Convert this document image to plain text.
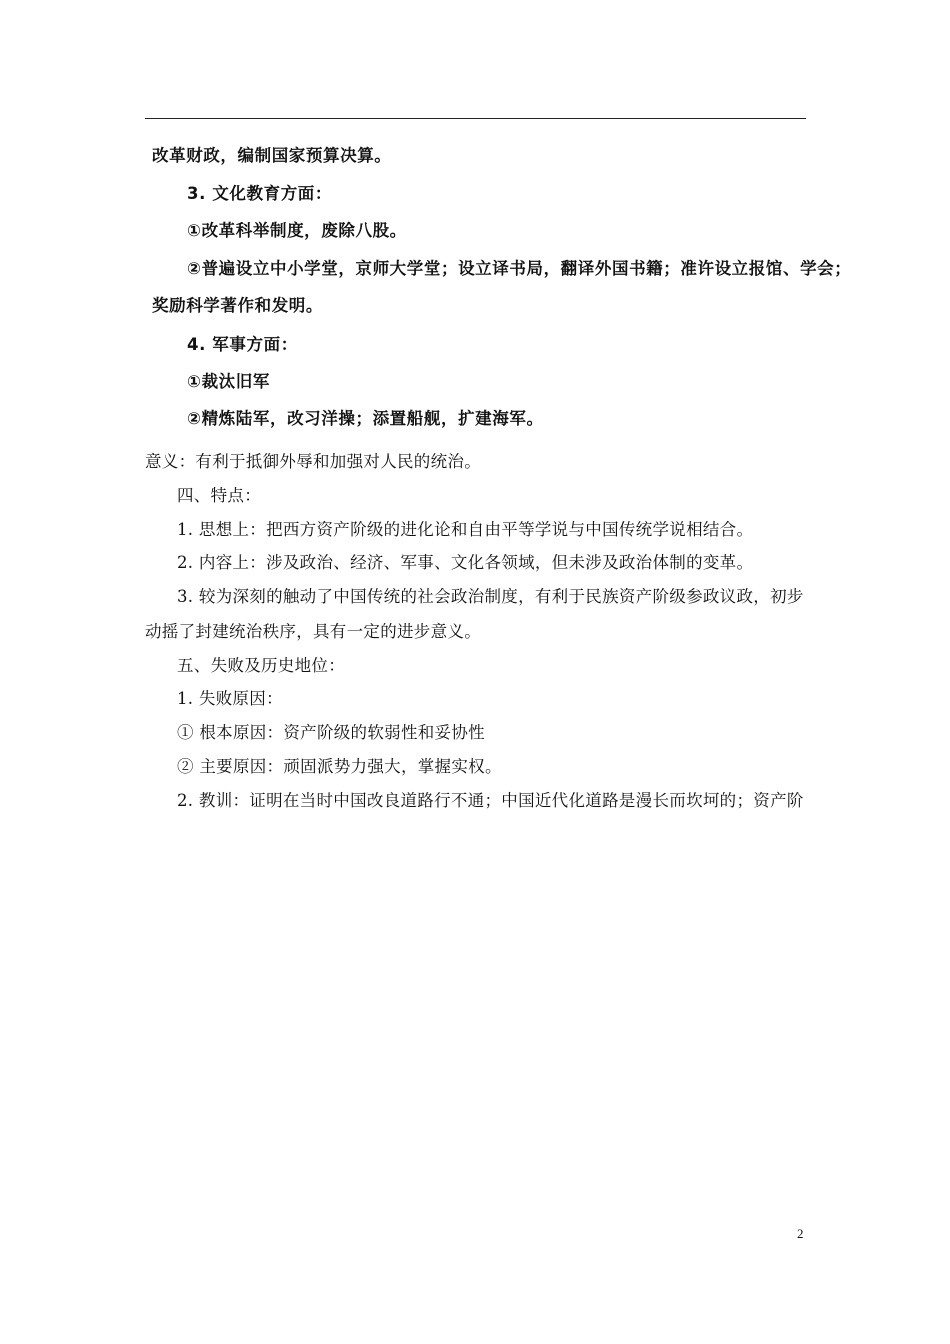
改革财政，编制国家预算决算。
3. 文化教育方面：
①改革科举制度，废除八股。
②普遍设立中小学堂，京师大学堂；设立译书局，翻译外国书籍；准许设立报馆、学会；
奖励科学著作和发明。
4. 军事方面：
①裁汰旧军
②精炼陆军，改习洋操；添置船舰，扩建海军。
意义：有利于抵御外辱和加强对人民的统治。
四、特点：
1. 思想上：把西方资产阶级的进化论和自由平等学说与中国传统学说相结合。
2. 内容上：涉及政治、经济、军事、文化各领域，但未涉及政治体制的变革。
3. 较为深刻的触动了中国传统的社会政治制度，有利于民族资产阶级参政议政，初步
动摇了封建统治秩序，具有一定的进步意义。
五、失败及历史地位：
1. 失败原因：
① 根本原因：资产阶级的软弱性和妥协性
② 主要原因：顽固派势力强大，掌握实权。
2. 教训：证明在当时中国改良道路行不通；中国近代化道路是漫长而坎坷的；资产阶
2
